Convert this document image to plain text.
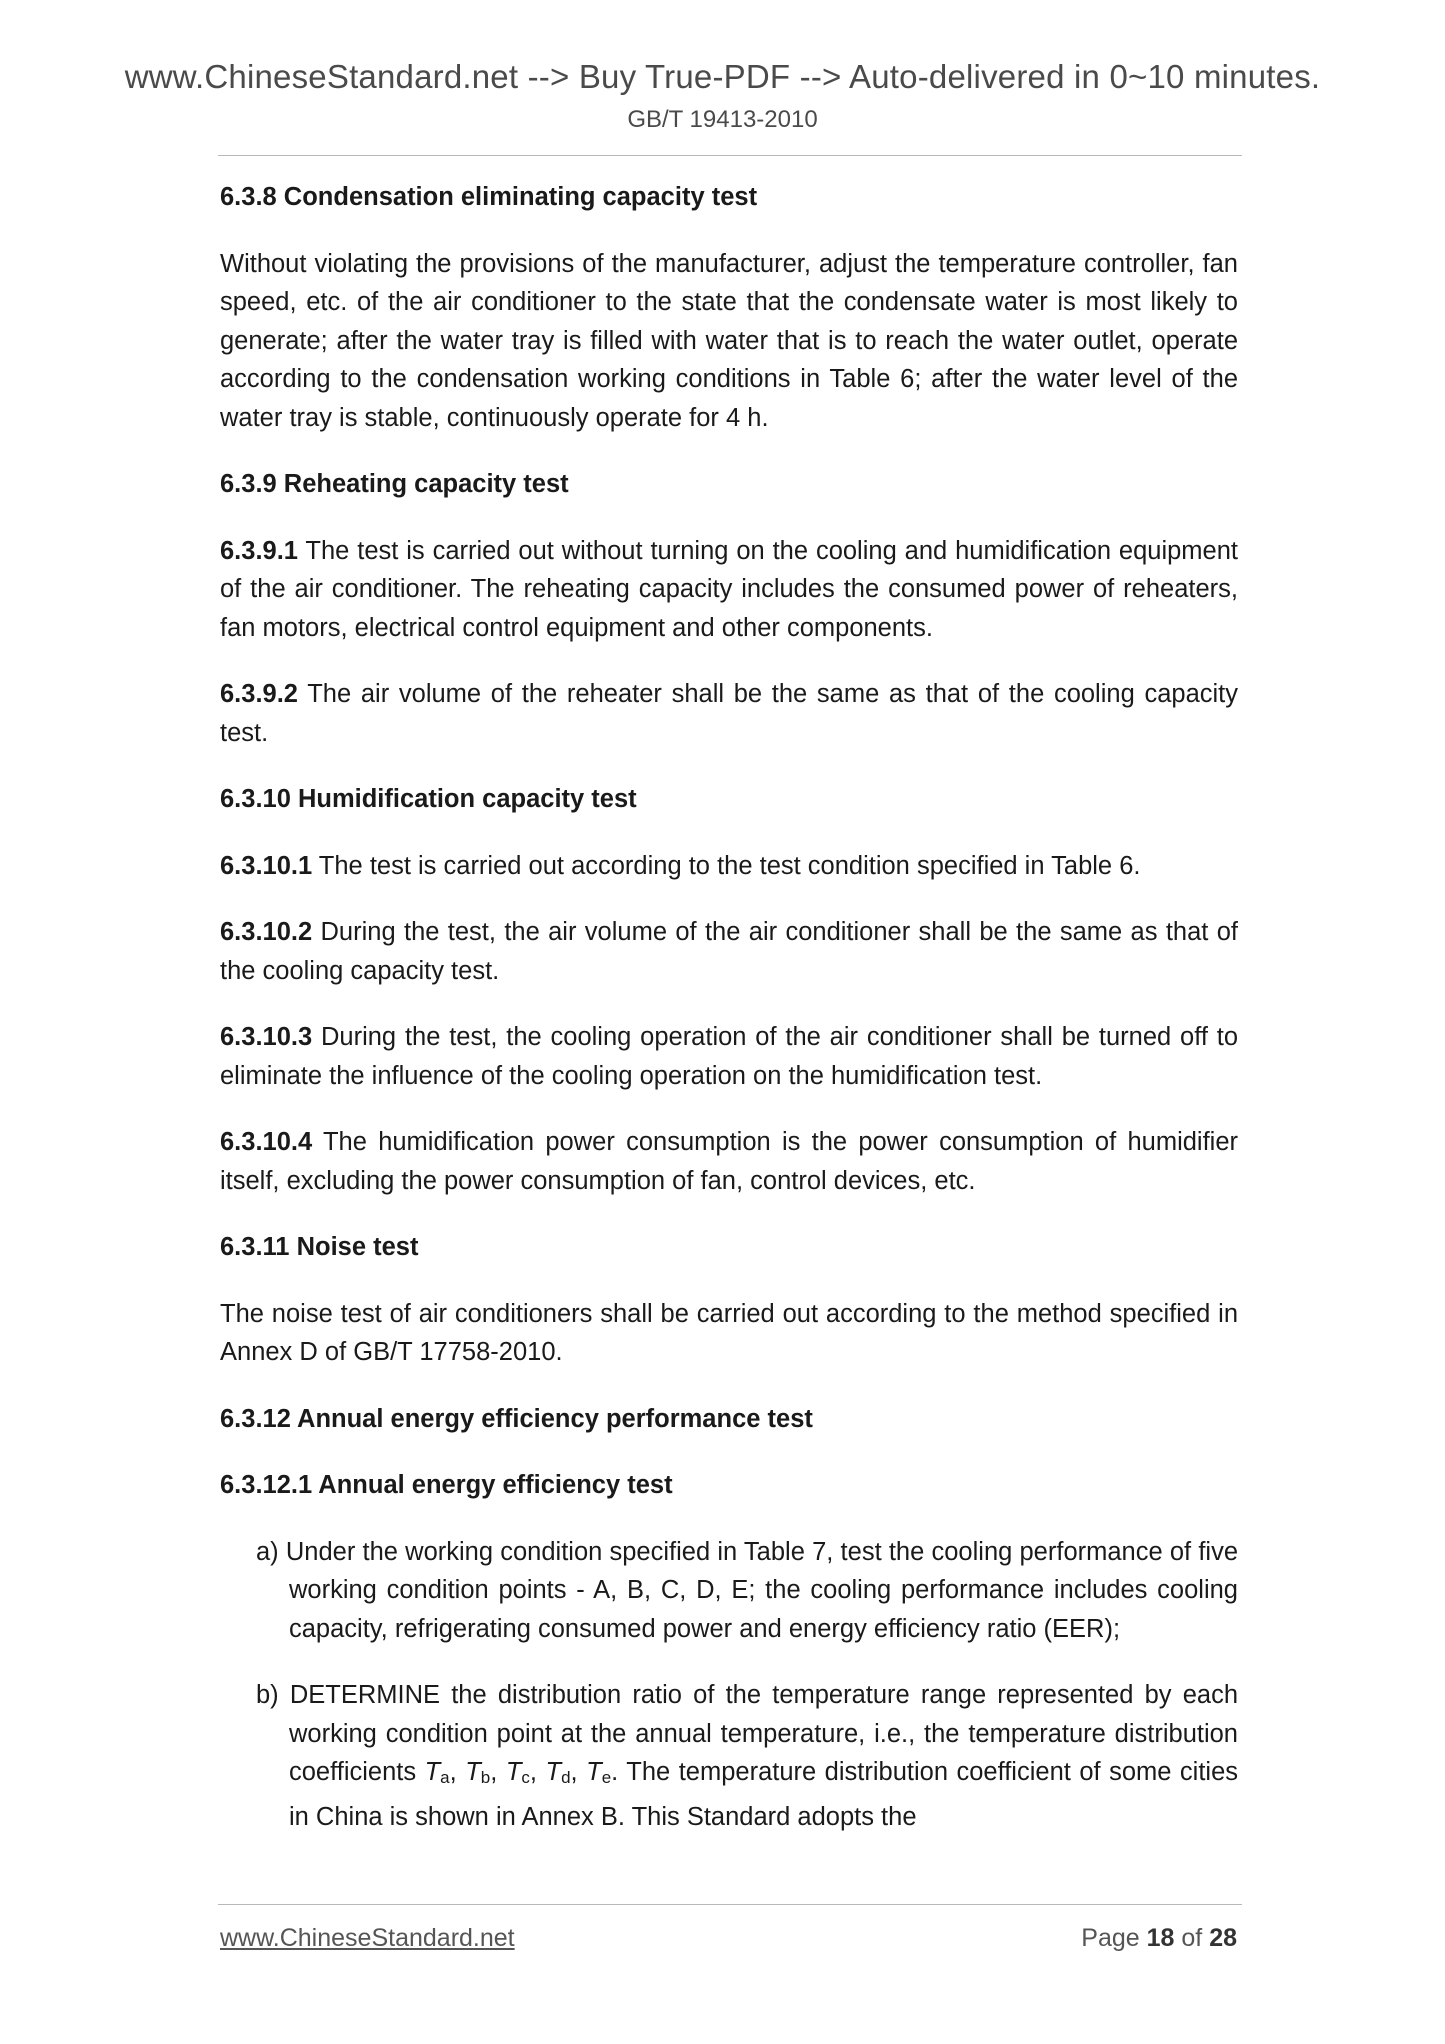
www.ChineseStandard.net --> Buy True-PDF --> Auto-delivered in 0~10 minutes.
GB/T 19413-2010
6.3.8 Condensation eliminating capacity test

Without violating the provisions of the manufacturer, adjust the temperature controller, fan speed, etc. of the air conditioner to the state that the condensate water is most likely to generate; after the water tray is filled with water that is to reach the water outlet, operate according to the condensation working conditions in Table 6; after the water level of the water tray is stable, continuously operate for 4 h.

6.3.9 Reheating capacity test

6.3.9.1 The test is carried out without turning on the cooling and humidification equipment of the air conditioner. The reheating capacity includes the consumed power of reheaters, fan motors, electrical control equipment and other components.

6.3.9.2 The air volume of the reheater shall be the same as that of the cooling capacity test.

6.3.10 Humidification capacity test

6.3.10.1 The test is carried out according to the test condition specified in Table 6.

6.3.10.2 During the test, the air volume of the air conditioner shall be the same as that of the cooling capacity test.

6.3.10.3 During the test, the cooling operation of the air conditioner shall be turned off to eliminate the influence of the cooling operation on the humidification test.

6.3.10.4 The humidification power consumption is the power consumption of humidifier itself, excluding the power consumption of fan, control devices, etc.

6.3.11 Noise test

The noise test of air conditioners shall be carried out according to the method specified in Annex D of GB/T 17758-2010.

6.3.12 Annual energy efficiency performance test
6.3.12.1 Annual energy efficiency test
a) Under the working condition specified in Table 7, test the cooling performance of five working condition points - A, B, C, D, E; the cooling performance includes cooling capacity, refrigerating consumed power and energy efficiency ratio (EER);
b) DETERMINE the distribution ratio of the temperature range represented by each working condition point at the annual temperature, i.e., the temperature distribution coefficients Ta, Tb, Tc, Td, Te. The temperature distribution coefficient of some cities in China is shown in Annex B. This Standard adopts the
www.ChineseStandard.net	Page 18 of 28
